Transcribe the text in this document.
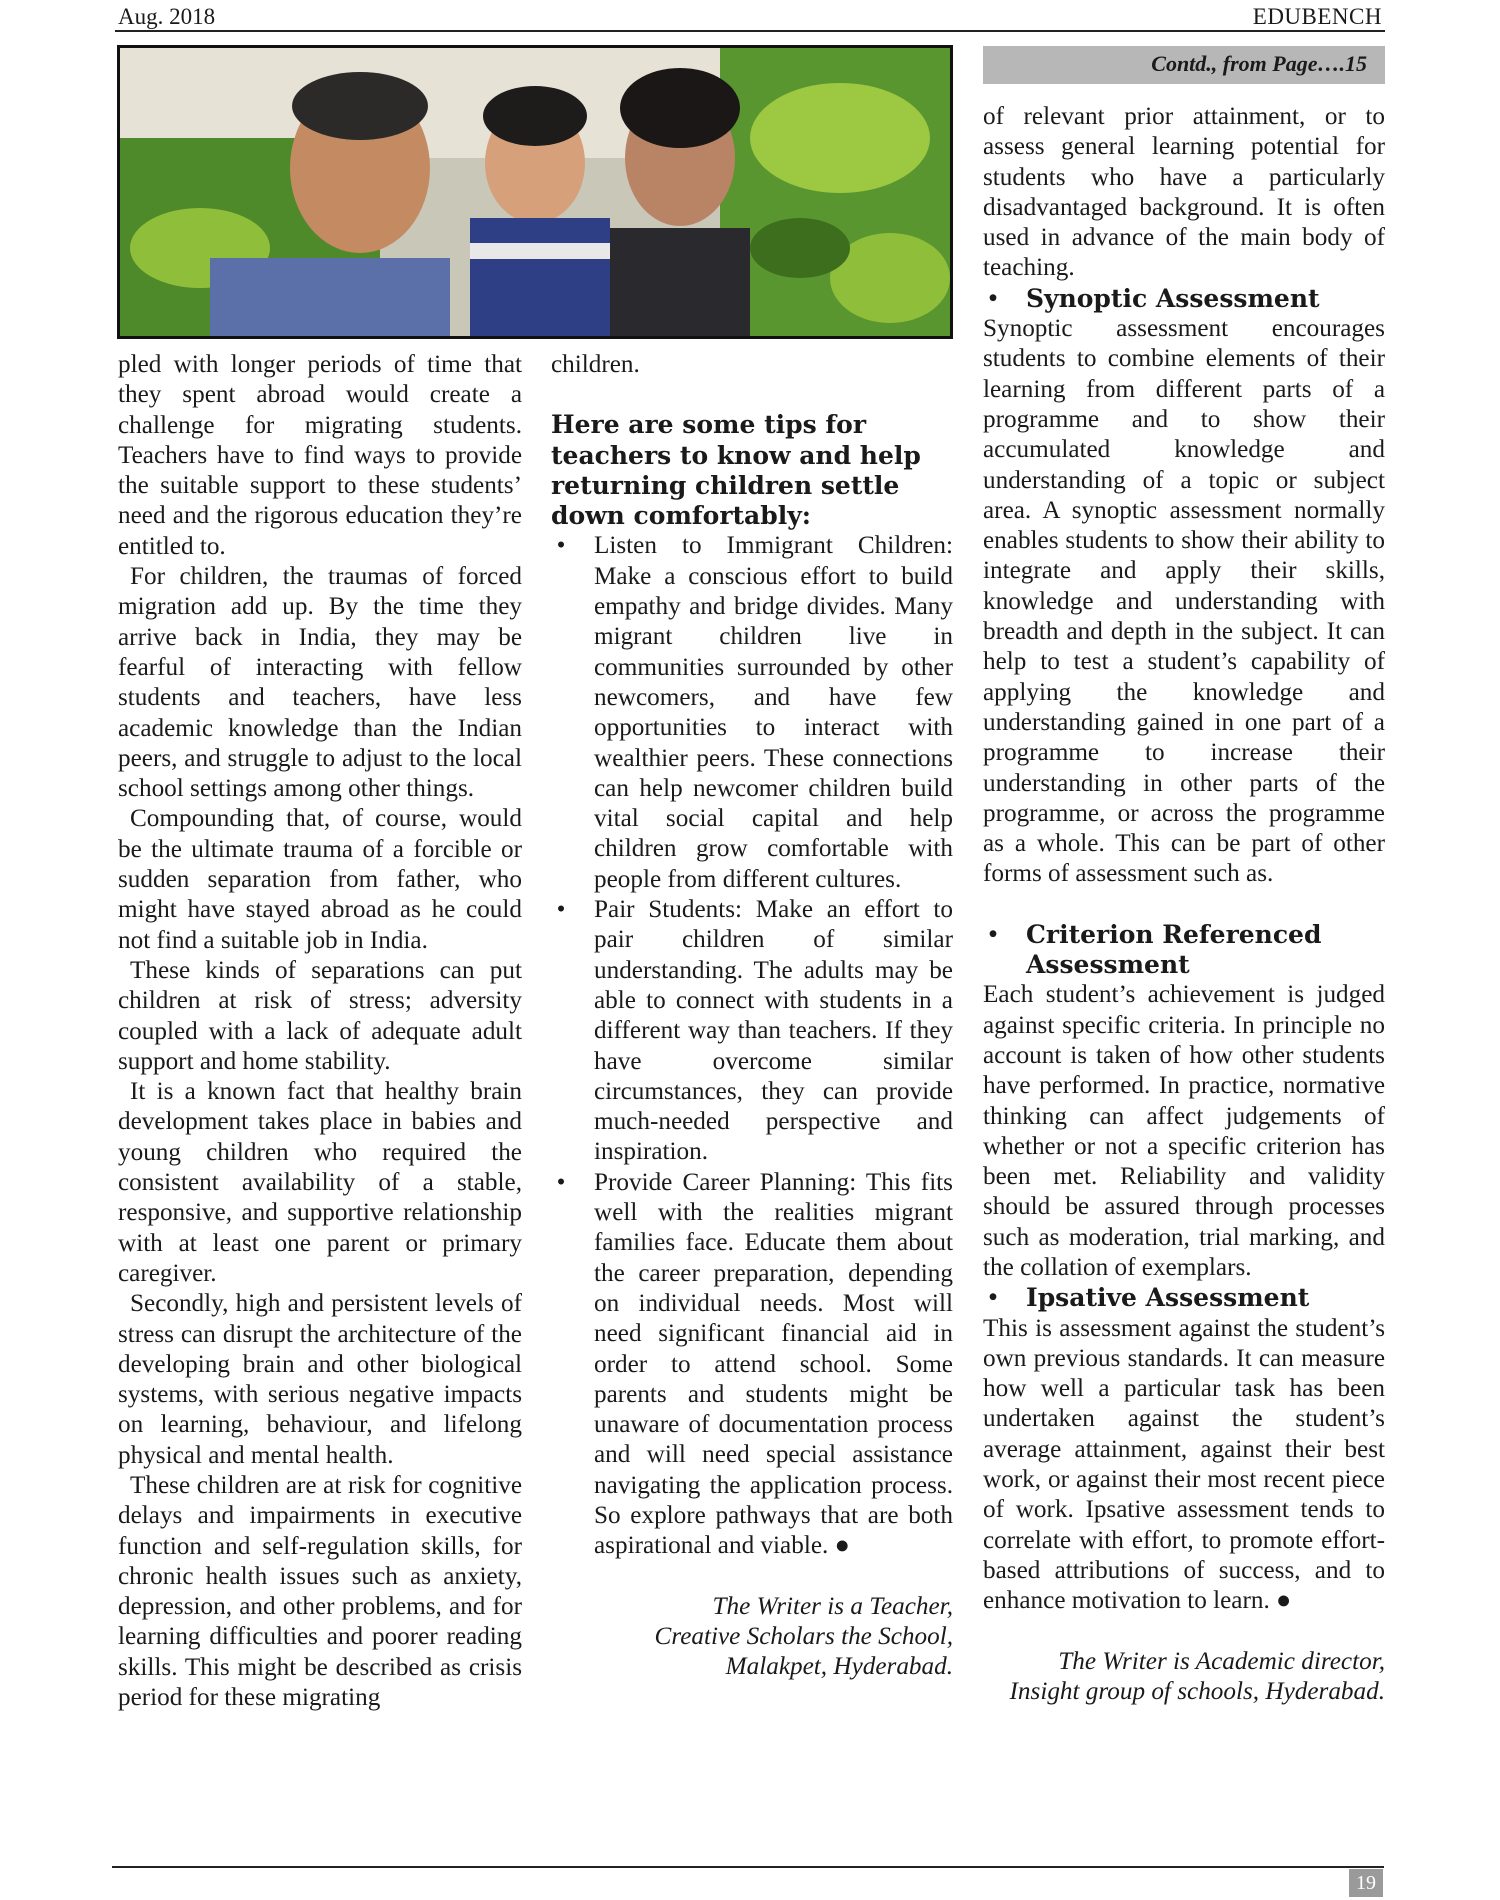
Aug. 2018	EDUBENCH
Contd., from Page….15

pled with longer periods of time that they spent abroad would create a challenge for migrating students. Teachers have to find ways to provide the suitable support to these students’ need and the rigorous education they’re entitled to.

For children, the traumas of forced migration add up. By the time they arrive back in India, they may be fearful of interacting with fellow students and teachers, have less academic knowledge than the Indian peers, and struggle to adjust to the local school settings among other things.

Compounding that, of course, would be the ultimate trauma of a forcible or sudden separation from father, who might have stayed abroad as he could not find a suitable job in India.

These kinds of separations can put children at risk of stress; adversity coupled with a lack of adequate adult support and home stability.

It is a known fact that healthy brain development takes place in babies and young children who required the consistent availability of a stable, responsive, and supportive relationship with at least one parent or primary caregiver.

Secondly, high and persistent levels of stress can disrupt the architecture of the developing brain and other biological systems, with serious negative impacts on learning, behaviour, and lifelong physical and mental health.

These children are at risk for cognitive delays and impairments in executive function and self-regulation skills, for chronic health issues such as anxiety, depression, and other problems, and for learning difficulties and poorer reading skills. This might be described as crisis period for these migrating

children.

Here are some tips for teachers to know and help returning children settle down comfortably:
• Listen to Immigrant Children: Make a conscious effort to build empathy and bridge divides. Many migrant children live in communities surrounded by other newcomers, and have few opportunities to interact with wealthier peers. These connections can help newcomer children build vital social capital and help children grow comfortable with people from different cultures.
• Pair Students: Make an effort to pair children of similar understanding. The adults may be able to connect with students in a different way than teachers. If they have overcome similar circumstances, they can provide much-needed perspective and inspiration.
• Provide Career Planning: This fits well with the realities migrant families face. Educate them about the career preparation, depending on individual needs. Most will need significant financial aid in order to attend school. Some parents and students might be unaware of documentation process and will need special assistance navigating the application process. So explore pathways that are both aspirational and viable. ●
The Writer is a Teacher,
Creative Scholars the School,
Malakpet, Hyderabad.

of relevant prior attainment, or to assess general learning potential for students who have a particularly disadvantaged background. It is often used in advance of the main body of teaching.

• Synoptic Assessment

Synoptic assessment encourages students to combine elements of their learning from different parts of a programme and to show their accumulated knowledge and understanding of a topic or subject area. A synoptic assessment normally enables students to show their ability to integrate and apply their skills, knowledge and understanding with breadth and depth in the subject. It can help to test a student’s capability of applying the knowledge and understanding gained in one part of a programme to increase their understanding in other parts of the programme, or across the programme as a whole. This can be part of other forms of assessment such as.

• Criterion Referenced Assessment

Each student’s achievement is judged against specific criteria. In principle no account is taken of how other students have performed. In practice, normative thinking can affect judgements of whether or not a specific criterion has been met. Reliability and validity should be assured through processes such as moderation, trial marking, and the collation of exemplars.

• Ipsative Assessment

This is assessment against the student’s own previous standards. It can measure how well a particular task has been undertaken against the student’s average attainment, against their best work, or against their most recent piece of work. Ipsative assessment tends to correlate with effort, to promote effort-based attributions of success, and to enhance motivation to learn. ●

The Writer is Academic director,
Insight group of schools, Hyderabad.
19
